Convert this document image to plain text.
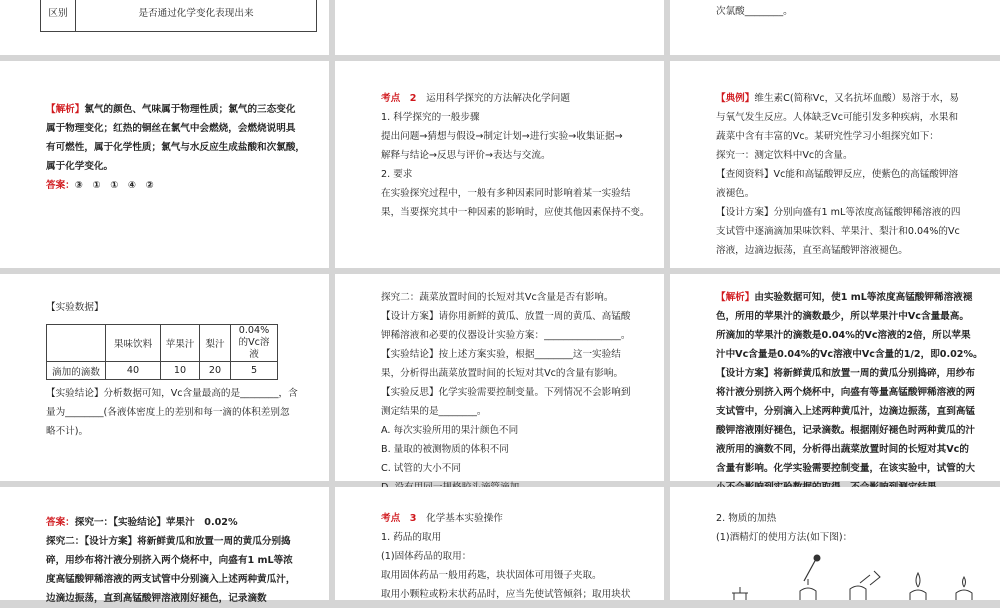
区别	是否通过化学变化表现出来	次氯酸________。
【解析】氯气的颜色、气味属于物理性质；氯气的三态变化
属于物理变化；红热的铜丝在氯气中会燃烧，会燃烧说明具
有可燃性，属于化学性质；氯气与水反应生成盐酸和次氯酸，
属于化学变化。
答案：③　①　①　④　②
考点　2　 运用科学探究的方法解决化学问题
1. 科学探究的一般步骤
提出问题→猜想与假设→制定计划→进行实验→收集证据→
解释与结论→反思与评价→表达与交流。
2. 要求
在实验探究过程中，一般有多种因素同时影响着某一实验结
果，当要探究其中一种因素的影响时，应使其他因素保持不变。
【典例】维生素C(简称Vc，又名抗坏血酸）易溶于水，易
与氧气发生反应。人体缺乏Vc可能引发多种疾病，水果和
蔬菜中含有丰富的Vc。某研究性学习小组探究如下：
探究一：测定饮料中Vc的含量。
【查阅资料】Vc能和高锰酸钾反应，使紫色的高锰酸钾溶
液褪色。
【设计方案】分别向盛有1 mL等浓度高锰酸钾稀溶液的四
支试管中逐滴滴加果味饮料、苹果汁、梨汁和0.04%的Vc
溶液，边滴边振荡，直至高锰酸钾溶液褪色。
【实验数据】
	果味饮料	苹果汁	梨汁	0.04%的Vc溶液
滴加的滴数	40	10	20	5
【实验结论】分析数据可知，Vc含量最高的是________，含
量为________(各液体密度上的差别和每一滴的体积差别忽
略不计)。
探究二：蔬菜放置时间的长短对其Vc含量是否有影响。
【设计方案】请你用新鲜的黄瓜、放置一周的黄瓜、高锰酸
钾稀溶液和必要的仪器设计实验方案：________________。
【实验结论】按上述方案实验，根据________这一实验结
果，分析得出蔬菜放置时间的长短对其Vc的含量有影响。
【实验反思】化学实验需要控制变量。下列情况不会影响到
测定结果的是________。
A. 每次实验所用的果汁颜色不同
B. 量取的被测物质的体积不同
C. 试管的大小不同
【解析】由实验数据可知，使1 mL等浓度高锰酸钾稀溶液褪
色，所用的苹果汁的滴数最少，所以苹果汁中Vc含量最高。
所滴加的苹果汁的滴数是0.04%的Vc溶液的2倍，所以苹果
汁中Vc含量是0.04%的Vc溶液中Vc含量的1/2，即0.02%。
【设计方案】将新鲜黄瓜和放置一周的黄瓜分别捣碎，用纱布
将汁液分别挤入两个烧杯中，向盛有等量高锰酸钾稀溶液的两
支试管中，分别滴入上述两种黄瓜汁，边滴边振荡，直到高锰
酸钾溶液刚好褪色，记录滴数。根据刚好褪色时两种黄瓜的汁
液所用的滴数不同，分析得出蔬菜放置时间的长短对其Vc的
含量有影响。化学实验需要控制变量，在该实验中，试管的大
答案：探究一：【实验结论】苹果汁　0.02%
探究二：【设计方案】将新鲜黄瓜和放置一周的黄瓜分别捣
碎，用纱布将汁液分别挤入两个烧杯中，向盛有1 mL等浓
度高锰酸钾稀溶液的两支试管中分别滴入上述两种黄瓜汁，
边滴边振荡，直到高锰酸钾溶液刚好褪色，记录滴数
考点　3　 化学基本实验操作
1. 药品的取用
(1)固体药品的取用：
取用固体药品一般用药匙，块状固体可用镊子夹取。
取用小颗粒或粉末状药品时，应当先使试管倾斜；取用块状
2. 物质的加热
(1)酒精灯的使用方法(如下图)：
